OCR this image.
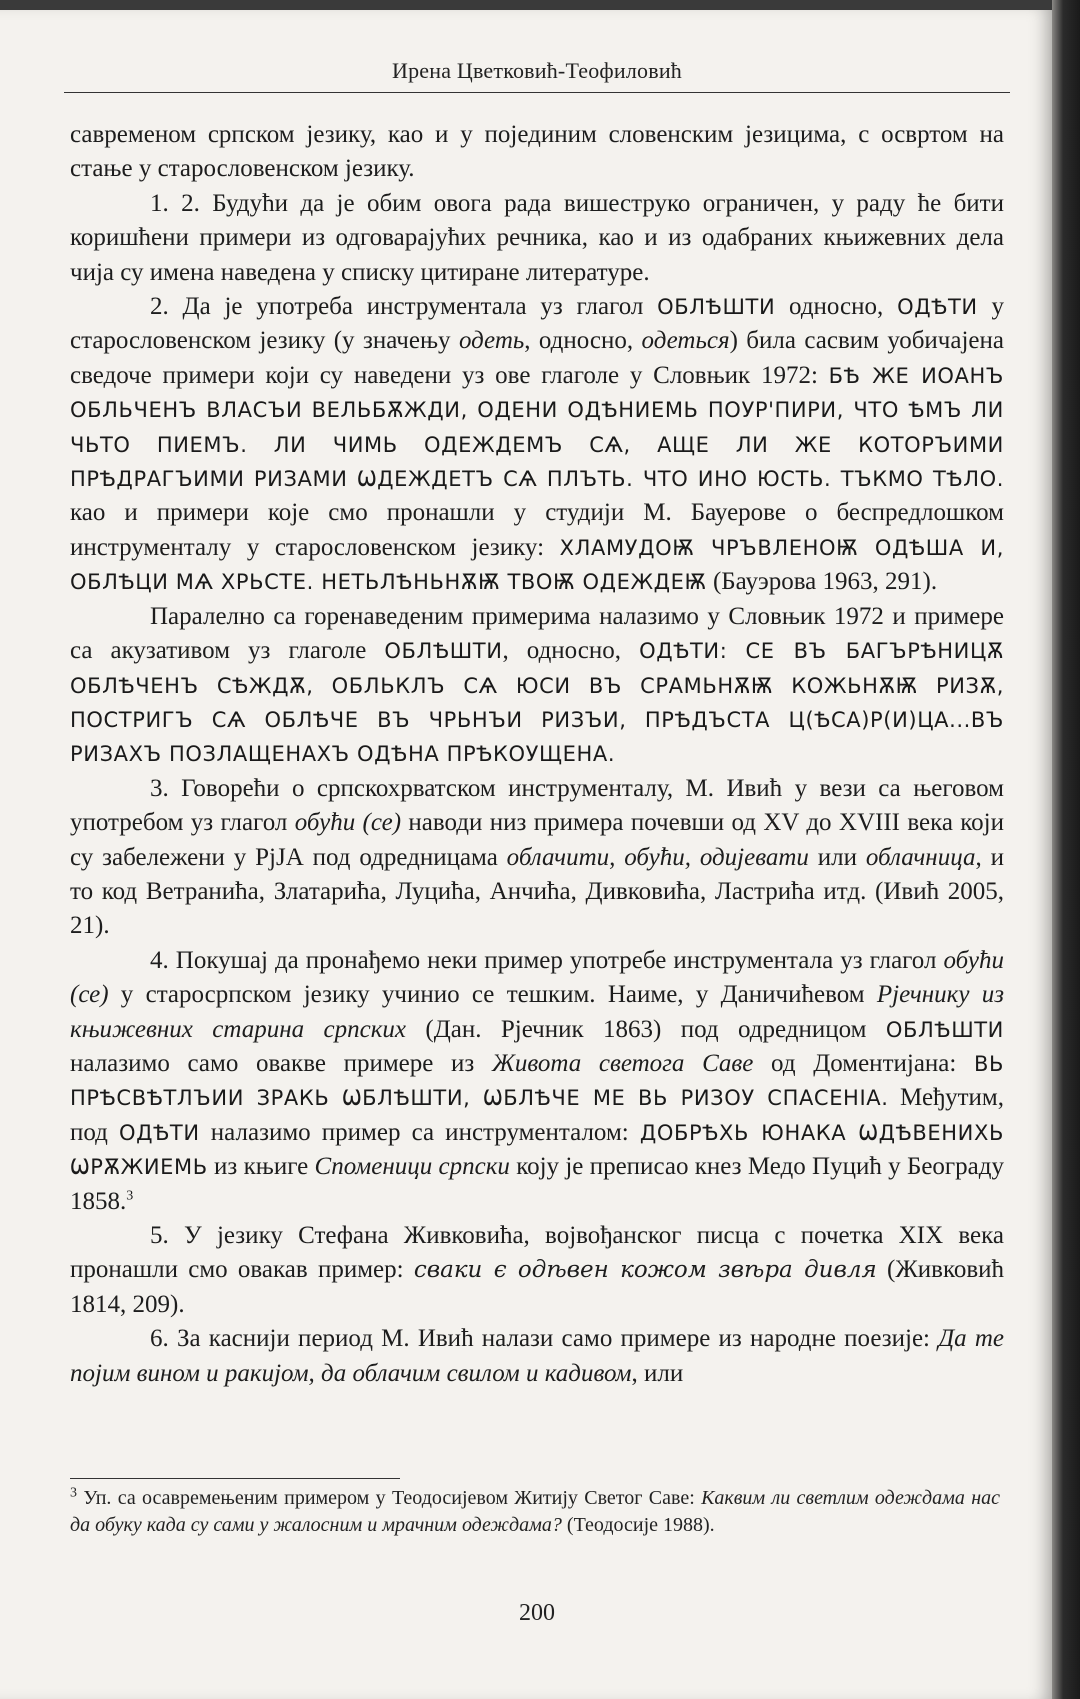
Ирена Цветковић-Теофиловић

савременом српском језику, као и у појединим словенским језицима, с освртом на стање у старословенском језику.

1. 2. Будући да је обим овога рада вишеструко ограничен, у раду ће бити коришћени примери из одговарајућих речника, као и из одабраних књижевних дела чија су имена наведена у списку цитиране литературе.

2. Да је употреба инструментала уз глагол ОБЛѢШТИ односно, ОДѢТИ у старословенском језику (у значењу одеть, односно, одеться) била сасвим уобичајена сведоче примери који су наведени уз ове глаголе у Словњик 1972: БѢ ЖЕ ИОАНЪ ОБЛЬЧЕНЪ ВЛАСЪИ ВЕЛЬБѪЖДИ, ОДЕНИ ОДѢНИЕМЬ ПОУР'ПИРИ, ЧТО ѢМЪ ЛИ ЧЬТО ПИЕМЪ. ЛИ ЧИМЬ ОДЕЖДЕМЪ СѦ, АЩЕ ЛИ ЖЕ КОТОРЪИМИ ПРѢДРАГЪИМИ РИЗАМИ ѠДЕЖДЕТЪ СѦ ПЛЪТЬ. ЧТО ИНО ЮСТЬ. ТЪКМО ТѢЛО. као и примери које смо пронашли у студији М. Бауерове о беспредлошком инструменталу у старословенском језику: ХЛАМУДОѬ ЧРЪВЛЕНОѬ ОДѢША И, ОБЛѢЦИ МѦ ХРЬСТЕ. НЕТЬЛѢНЬНѪѬ ТВОѬ ОДЕЖДЕѬ (Бауэрова 1963, 291).

Паралелно са горенаведеним примерима налазимо у Словњик 1972 и примере са акузативом уз глаголе ОБЛѢШТИ, односно, ОДѢТИ: СЕ ВЪ БАГЪРѢНИЦѪ ОБЛѢЧЕНЪ СѢЖДѪ, ОБЛЬКЛЪ СѦ ЮСИ ВЪ СРАМЬНѪѬ КОЖЬНѪѬ РИЗѪ, ПОСТРИГЪ СѦ ОБЛѢЧЕ ВЪ ЧРЬНЪИ РИЗЪИ, ПРѢДЪСТА Ц(ѢСА)Р(И)ЦА...ВЪ РИЗАХЪ ПОЗЛАЩЕНАХЪ ОДѢНА ПРѢКОУЩЕНА.

3. Говорећи о српскохрватском инструменталу, М. Ивић у вези са његовом употребом уз глагол обући (се) наводи низ примера почевши од XV до XVIII века који су забележени у РјЈА под одредницама облачити, обући, одијевати или облачница, и то код Ветранића, Златарића, Луцића, Анчића, Дивковића, Ластрића итд. (Ивић 2005, 21).

4. Покушај да пронађемо неки пример употребе инструментала уз глагол обући (се) у старосрпском језику учинио се тешким. Наиме, у Даничићевом Рјечнику из књижевних старина српских (Дан. Рјечник 1863) под одредницом ОБЛѢШТИ налазимо само овакве примере из Живота светога Саве од Доментијана: ВЬ ПРѢСВѢТЛЪИИ ЗРАКЬ ѠБЛѢШТИ, ѠБЛѢЧЕ МЕ ВЬ РИЗОУ СПАСЕНІА. Међутим, под ОДѢТИ налазимо пример са инструменталом: ДОБРѢХЬ ЮНАКА ѠДѢВЕНИХЬ ѠРѪЖИЕМЬ из књиге Споменици српски коју је преписао кнез Медо Пуцић у Београду 1858.$^3$

5. У језику Стефана Живковића, војвођанског писца с почетка XIX века пронашли смо овакав пример: сваки є одѣвен кожом звѣра дивля (Живковић 1814, 209).

6. За каснији период М. Ивић налази само примере из народне поезије: Да те појим вином и ракијом, да облачим свилом и кадивом, или

$^3$ Уп. са осавремењеним примером у Теодосијевом Житију Светог Саве: Каквим ли светлим одеждама нас да обуку када су сами у жалосним и мрачним одеждама? (Теодосије 1988).
200
